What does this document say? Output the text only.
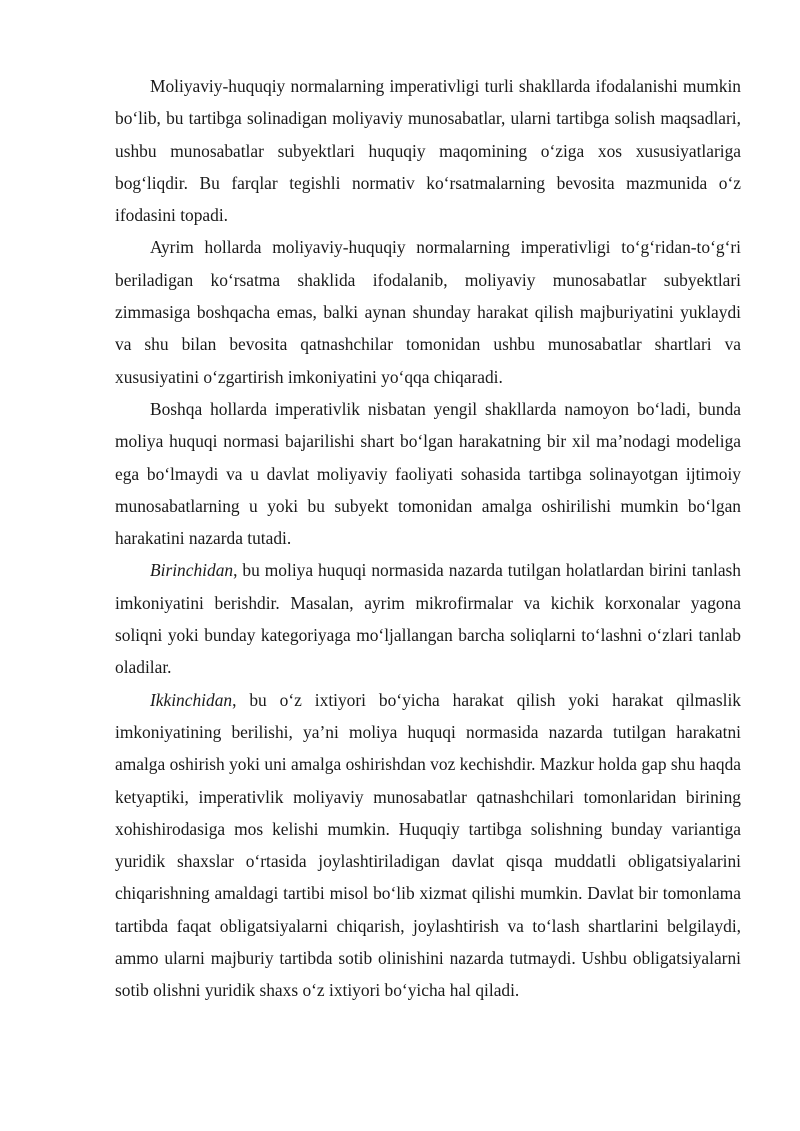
Moliyaviy-huquqiy normalarning imperativligi turli shakllarda ifodalanishi mumkin bo‘lib, bu tartibga solinadigan moliyaviy munosabatlar, ularni tartibga solish maqsadlari, ushbu munosabatlar subyektlari huquqiy maqomining o‘ziga xos xususiyatlariga bog‘liqdir. Bu farqlar tegishli normativ ko‘rsatmalarning bevosita mazmunida o‘z ifodasini topadi.

Ayrim hollarda moliyaviy-huquqiy normalarning imperativligi to‘g‘ridan-to‘g‘ri beriladigan ko‘rsatma shaklida ifodalanib, moliyaviy munosabatlar subyektlari zimmasiga boshqacha emas, balki aynan shunday harakat qilish majburiyatini yuklaydi va shu bilan bevosita qatnashchilar tomonidan ushbu munosabatlar shartlari va xususiyatini o‘zgartirish imkoniyatini yo‘qqa chiqaradi.

Boshqa hollarda imperativlik nisbatan yengil shakllarda namoyon bo‘ladi, bunda moliya huquqi normasi bajarilishi shart bo‘lgan harakatning bir xil ma’nodagi modeliga ega bo‘lmaydi va u davlat moliyaviy faoliyati sohasida tartibga solinayotgan ijtimoiy munosabatlarning u yoki bu subyekt tomonidan amalga oshirilishi mumkin bo‘lgan harakatini nazarda tutadi.

Birinchidan, bu moliya huquqi normasida nazarda tutilgan holatlardan birini tanlash imkoniyatini berishdir. Masalan, ayrim mikrofirmalar va kichik korxonalar yagona soliqni yoki bunday kategoriyaga mo‘ljallangan barcha soliqlarni to‘lashni o‘zlari tanlab oladilar.

Ikkinchidan, bu o‘z ixtiyori bo‘yicha harakat qilish yoki harakat qilmaslik imkoniyatining berilishi, ya’ni moliya huquqi normasida nazarda tutilgan harakatni amalga oshirish yoki uni amalga oshirishdan voz kechishdir. Mazkur holda gap shu haqda ketyaptiki, imperativlik moliyaviy munosabatlar qatnashchilari tomonlaridan birining xohishirodasiga mos kelishi mumkin. Huquqiy tartibga solishning bunday variantiga yuridik shaxslar o‘rtasida joylashtiriladigan davlat qisqa muddatli obligatsiyalarini chiqarishning amaldagi tartibi misol bo‘lib xizmat qilishi mumkin. Davlat bir tomonlama tartibda faqat obligatsiyalarni chiqarish, joylashtirish va to‘lash shartlarini belgilaydi, ammo ularni majburiy tartibda sotib olinishini nazarda tutmaydi. Ushbu obligatsiyalarni sotib olishni yuridik shaxs o‘z ixtiyori bo‘yicha hal qiladi.
